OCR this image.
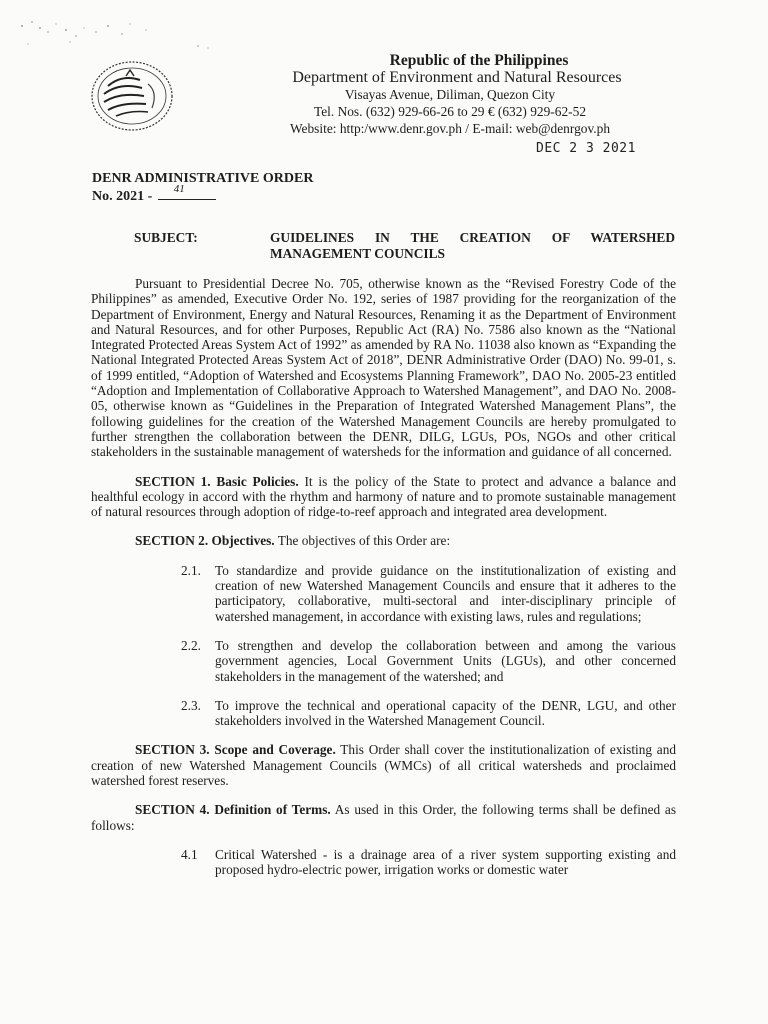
Republic of the Philippines
Department of Environment and Natural Resources
Visayas Avenue, Diliman, Quezon City
Tel. Nos. (632) 929-66-26 to 29 € (632) 929-62-52
Website: http:/www.denr.gov.ph / E-mail: web@denrgov.ph
DEC 2 3 2021
DENR ADMINISTRATIVE ORDER
No. 2021 - 41
SUBJECT:	GUIDELINES IN THE CREATION OF WATERSHED MANAGEMENT COUNCILS

Pursuant to Presidential Decree No. 705, otherwise known as the “Revised Forestry Code of the Philippines” as amended, Executive Order No. 192, series of 1987 providing for the reorganization of the Department of Environment, Energy and Natural Resources, Renaming it as the Department of Environment and Natural Resources, and for other Purposes, Republic Act (RA) No. 7586 also known as the “National Integrated Protected Areas System Act of 1992” as amended by RA No. 11038 also known as “Expanding the National Integrated Protected Areas System Act of 2018”, DENR Administrative Order (DAO) No. 99-01, s. of 1999 entitled, “Adoption of Watershed and Ecosystems Planning Framework”, DAO No. 2005-23 entitled “Adoption and Implementation of Collaborative Approach to Watershed Management”, and DAO No. 2008-05, otherwise known as “Guidelines in the Preparation of Integrated Watershed Management Plans”, the following guidelines for the creation of the Watershed Management Councils are hereby promulgated to further strengthen the collaboration between the DENR, DILG, LGUs, POs, NGOs and other critical stakeholders in the sustainable management of watersheds for the information and guidance of all concerned.

SECTION 1. Basic Policies. It is the policy of the State to protect and advance a balance and healthful ecology in accord with the rhythm and harmony of nature and to promote sustainable management of natural resources through adoption of ridge-to-reef approach and integrated area development.

SECTION 2. Objectives. The objectives of this Order are:

2.1. To standardize and provide guidance on the institutionalization of existing and creation of new Watershed Management Councils and ensure that it adheres to the participatory, collaborative, multi-sectoral and inter-disciplinary principle of watershed management, in accordance with existing laws, rules and regulations;
2.2. To strengthen and develop the collaboration between and among the various government agencies, Local Government Units (LGUs), and other concerned stakeholders in the management of the watershed; and
2.3. To improve the technical and operational capacity of the DENR, LGU, and other stakeholders involved in the Watershed Management Council.

SECTION 3. Scope and Coverage. This Order shall cover the institutionalization of existing and creation of new Watershed Management Councils (WMCs) of all critical watersheds and proclaimed watershed forest reserves.

SECTION 4. Definition of Terms. As used in this Order, the following terms shall be defined as follows:

4.1 Critical Watershed - is a drainage area of a river system supporting existing and proposed hydro-electric power, irrigation works or domestic water
